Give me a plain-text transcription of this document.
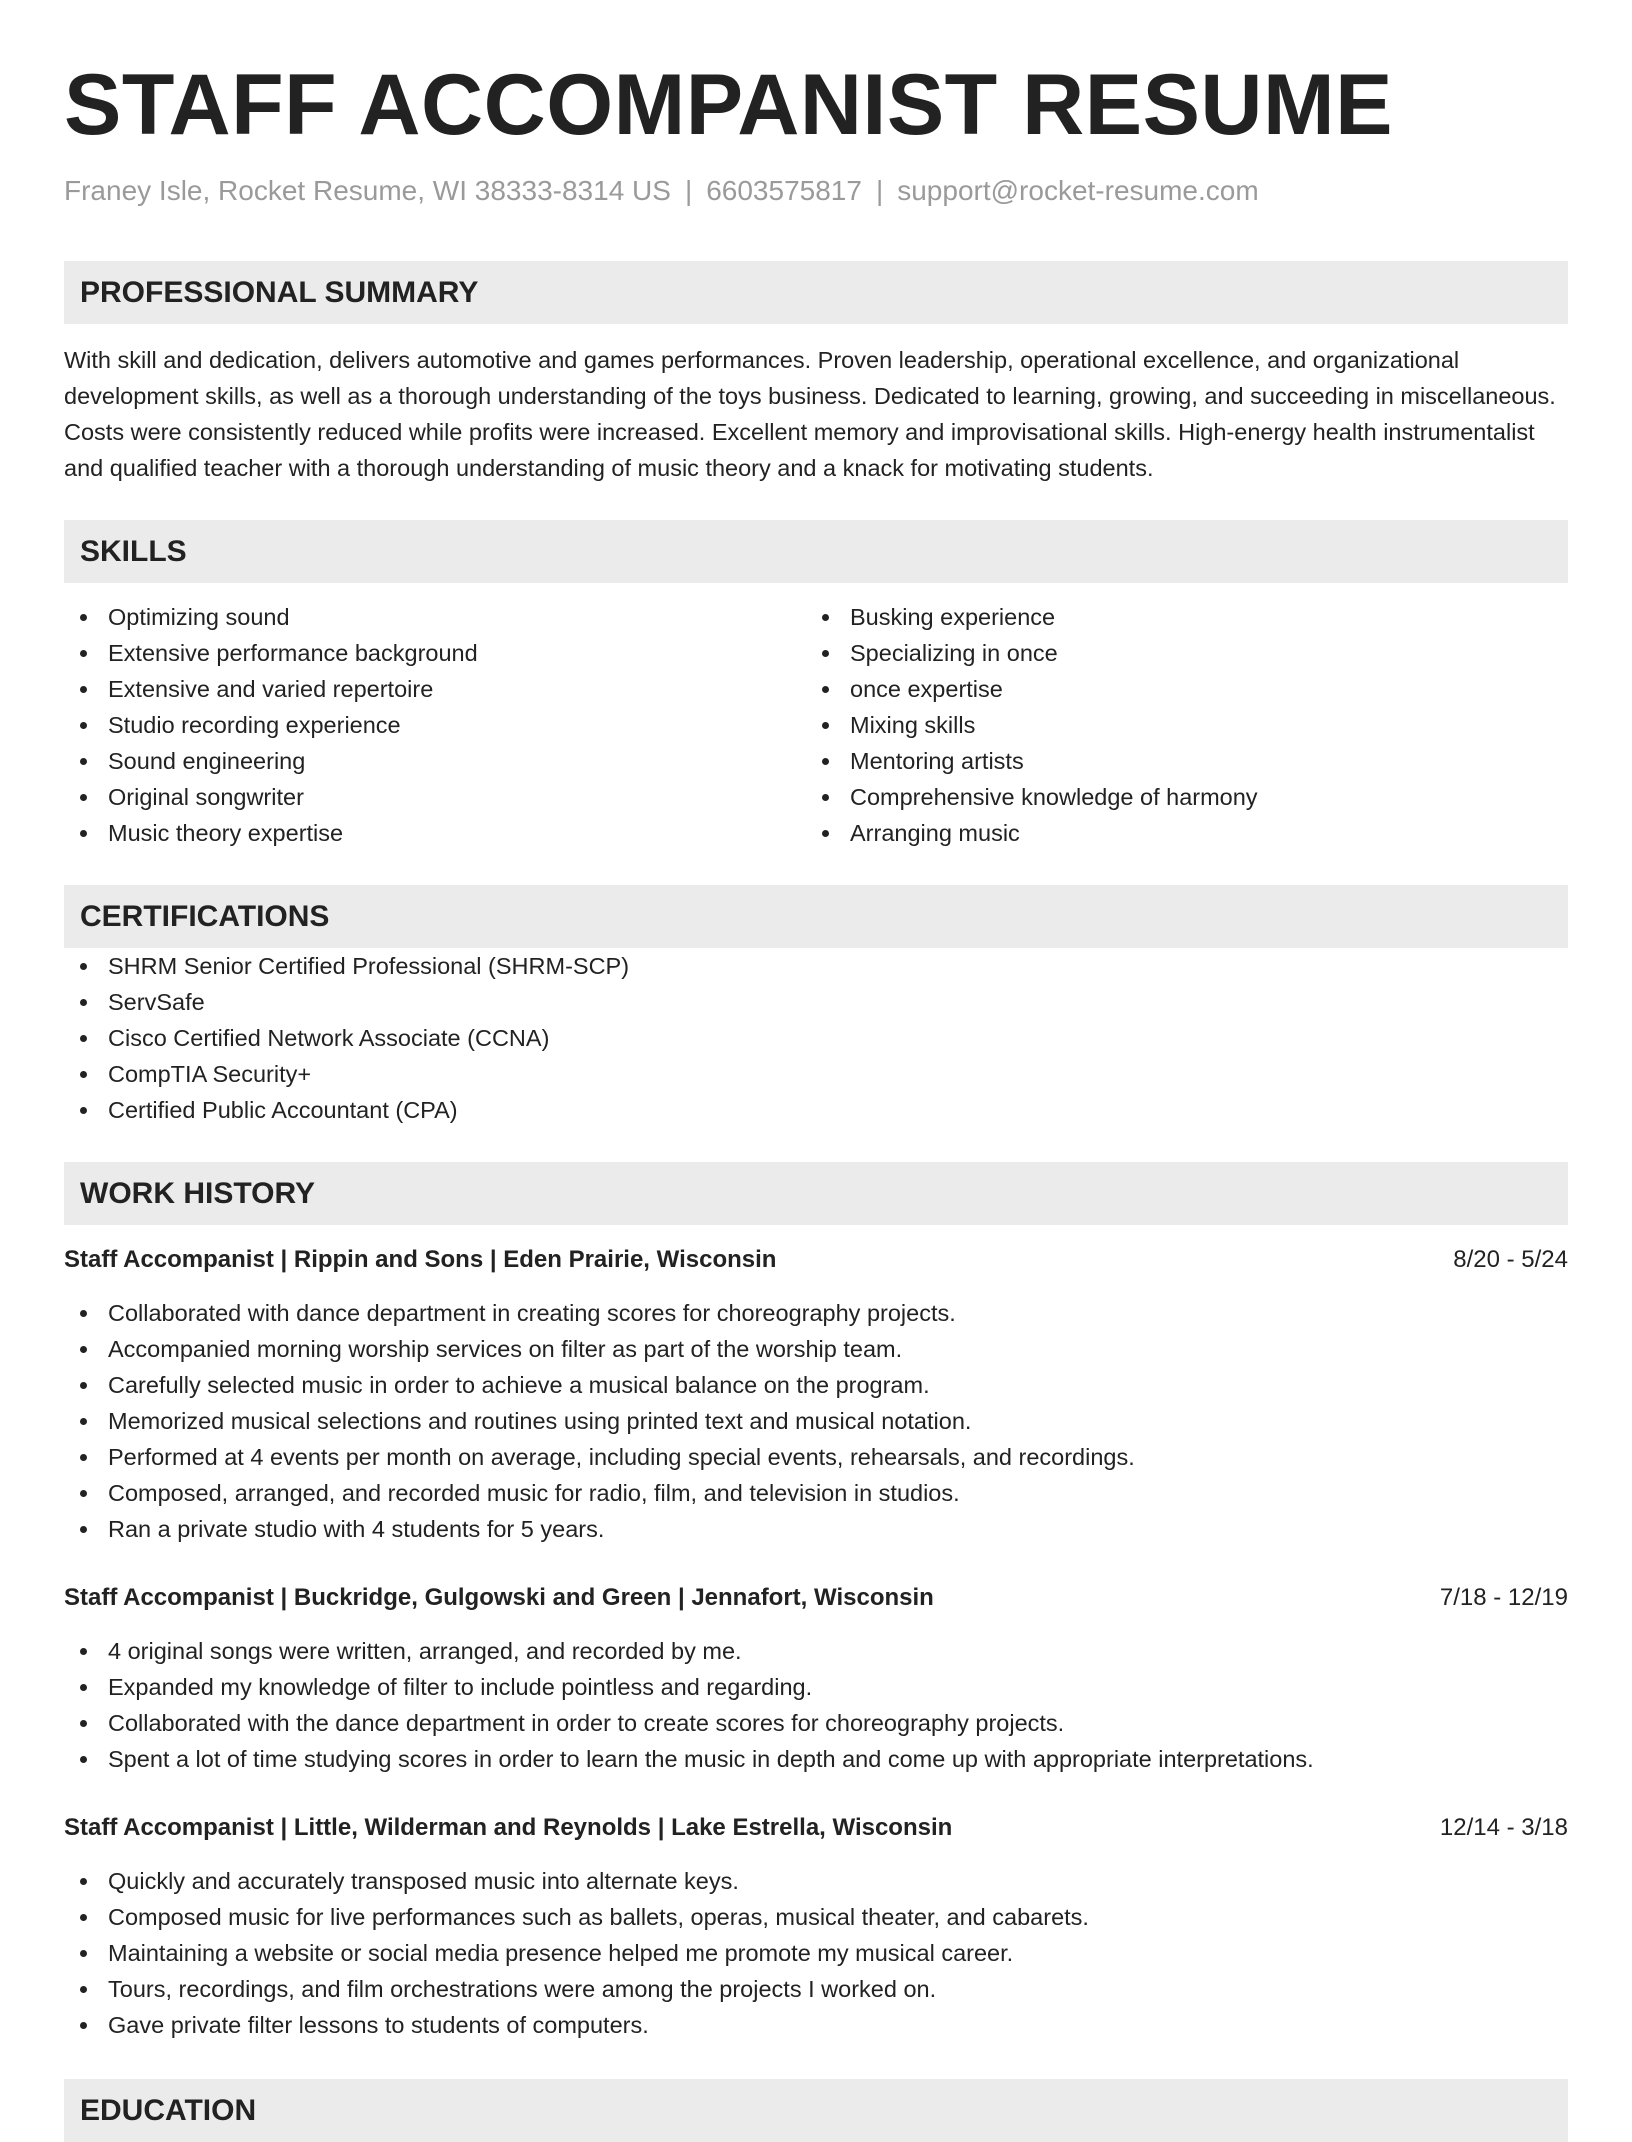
STAFF ACCOMPANIST RESUME
Franey Isle, Rocket Resume, WI 38333-8314 US | 6603575817 | support@rocket-resume.com
PROFESSIONAL SUMMARY

With skill and dedication, delivers automotive and games performances. Proven leadership, operational excellence, and organizational development skills, as well as a thorough understanding of the toys business. Dedicated to learning, growing, and succeeding in miscellaneous. Costs were consistently reduced while profits were increased. Excellent memory and improvisational skills. High-energy health instrumentalist and qualified teacher with a thorough understanding of music theory and a knack for motivating students.

SKILLS
Optimizing sound
Extensive performance background
Extensive and varied repertoire
Studio recording experience
Sound engineering
Original songwriter
Music theory expertise
Busking experience
Specializing in once
once expertise
Mixing skills
Mentoring artists
Comprehensive knowledge of harmony
Arranging music
CERTIFICATIONS
SHRM Senior Certified Professional (SHRM-SCP)
ServSafe
Cisco Certified Network Associate (CCNA)
CompTIA Security+
Certified Public Accountant (CPA)
WORK HISTORY
Staff Accompanist | Rippin and Sons | Eden Prairie, Wisconsin	8/20 - 5/24
Collaborated with dance department in creating scores for choreography projects.
Accompanied morning worship services on filter as part of the worship team.
Carefully selected music in order to achieve a musical balance on the program.
Memorized musical selections and routines using printed text and musical notation.
Performed at 4 events per month on average, including special events, rehearsals, and recordings.
Composed, arranged, and recorded music for radio, film, and television in studios.
Ran a private studio with 4 students for 5 years.
Staff Accompanist | Buckridge, Gulgowski and Green | Jennafort, Wisconsin	7/18 - 12/19
4 original songs were written, arranged, and recorded by me.
Expanded my knowledge of filter to include pointless and regarding.
Collaborated with the dance department in order to create scores for choreography projects.
Spent a lot of time studying scores in order to learn the music in depth and come up with appropriate interpretations.
Staff Accompanist | Little, Wilderman and Reynolds | Lake Estrella, Wisconsin	12/14 - 3/18
Quickly and accurately transposed music into alternate keys.
Composed music for live performances such as ballets, operas, musical theater, and cabarets.
Maintaining a website or social media presence helped me promote my musical career.
Tours, recordings, and film orchestrations were among the projects I worked on.
Gave private filter lessons to students of computers.
EDUCATION
